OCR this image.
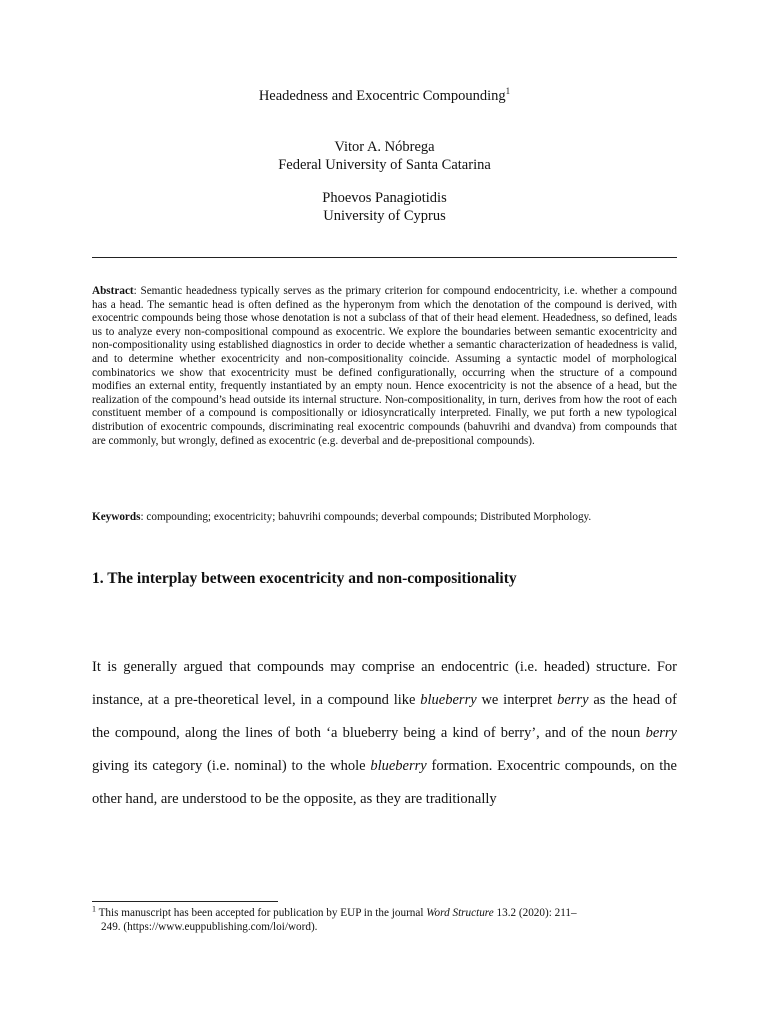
Headedness and Exocentric Compounding$^1$
Vitor A. Nóbrega
Federal University of Santa Catarina
Phoevos Panagiotidis
University of Cyprus
Abstract: Semantic headedness typically serves as the primary criterion for compound endocentricity, i.e. whether a compound has a head. The semantic head is often defined as the hyperonym from which the denotation of the compound is derived, with exocentric compounds being those whose denotation is not a subclass of that of their head element. Headedness, so defined, leads us to analyze every non-compositional compound as exocentric. We explore the boundaries between semantic exocentricity and non-compositionality using established diagnostics in order to decide whether a semantic characterization of headedness is valid, and to determine whether exocentricity and non-compositionality coincide. Assuming a syntactic model of morphological combinatorics we show that exocentricity must be defined configurationally, occurring when the structure of a compound modifies an external entity, frequently instantiated by an empty noun. Hence exocentricity is not the absence of a head, but the realization of the compound’s head outside its internal structure. Non-compositionality, in turn, derives from how the root of each constituent member of a compound is compositionally or idiosyncratically interpreted. Finally, we put forth a new typological distribution of exocentric compounds, discriminating real exocentric compounds (bahuvrihi and dvandva) from compounds that are commonly, but wrongly, defined as exocentric (e.g. deverbal and de-prepositional compounds).
Keywords: compounding; exocentricity; bahuvrihi compounds; deverbal compounds; Distributed Morphology.
1. The interplay between exocentricity and non-compositionality
It is generally argued that compounds may comprise an endocentric (i.e. headed) structure. For instance, at a pre-theoretical level, in a compound like blueberry we interpret berry as the head of the compound, along the lines of both ‘a blueberry being a kind of berry’, and of the noun berry giving its category (i.e. nominal) to the whole blueberry formation. Exocentric compounds, on the other hand, are understood to be the opposite, as they are traditionally
$^1$ This manuscript has been accepted for publication by EUP in the journal Word Structure 13.2 (2020): 211–
249. (https://www.euppublishing.com/loi/word).
